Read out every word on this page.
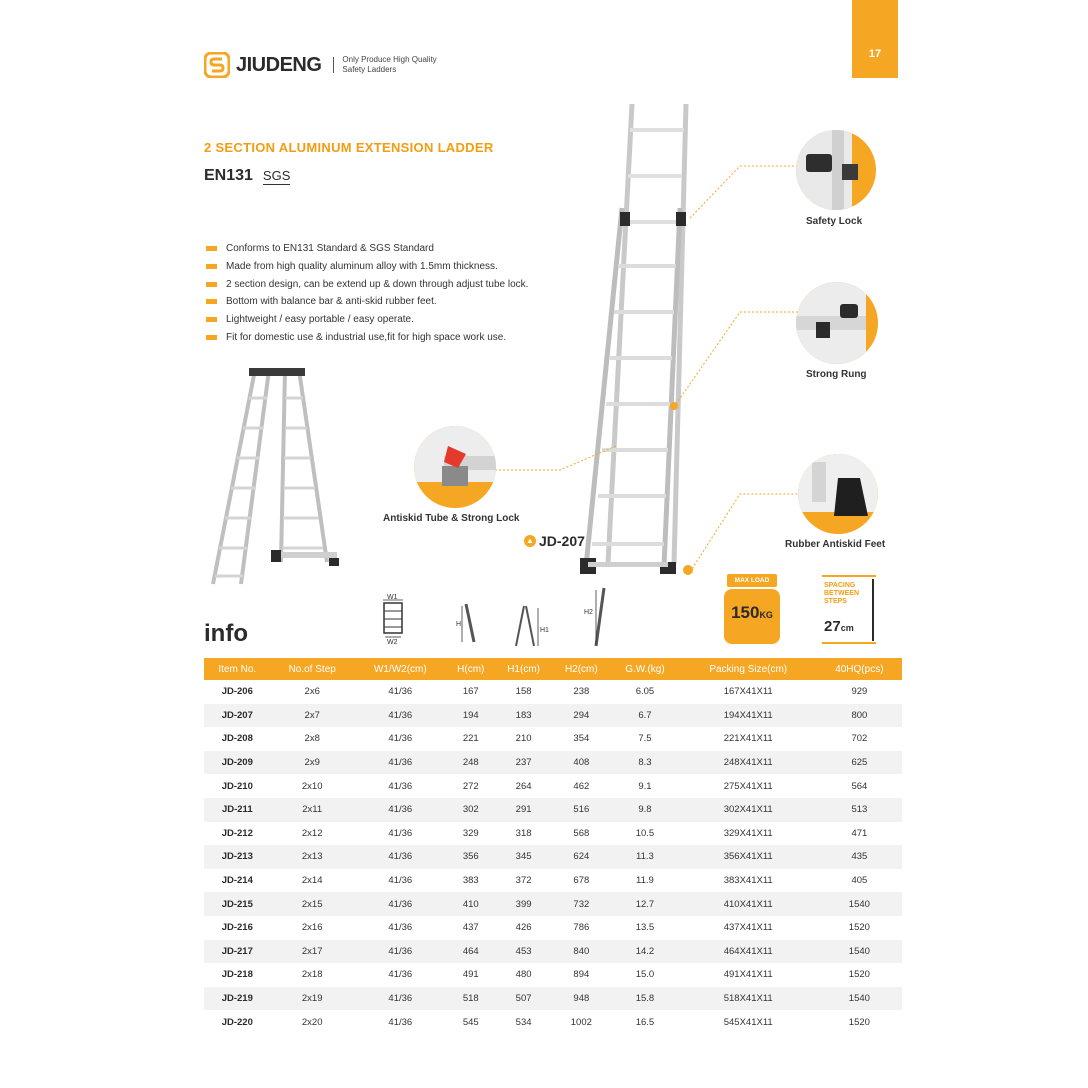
17
JIUDENG	Only Produce High Quality
Safety Ladders
2 SECTION ALUMINUM EXTENSION LADDER
EN131 SGS
Conforms to EN131 Standard & SGS Standard
Made from high quality aluminum alloy with 1.5mm thickness.
2 section design, can be extend up & down through adjust tube lock.
Bottom with balance bar & anti-skid rubber feet.
Lightweight / easy portable / easy operate.
Fit for domestic use & industrial use,fit for high space work use.
Safety Lock
Strong Rung
Antiskid Tube & Strong Lock
Rubber Antiskid Feet
▲ JD-207
MAX LOAD
150KG
SPACING
BETWEEN
STEPS
27cm
info
W1
W2
H
H1
H2
Item No.	No.of Step	W1/W2(cm)	H(cm)	H1(cm)	H2(cm)	G.W.(kg)	Packing Size(cm)	40HQ(pcs)
JD-206	2x6	41/36	167	158	238	6.05	167X41X11	929
JD-207	2x7	41/36	194	183	294	6.7	194X41X11	800
JD-208	2x8	41/36	221	210	354	7.5	221X41X11	702
JD-209	2x9	41/36	248	237	408	8.3	248X41X11	625
JD-210	2x10	41/36	272	264	462	9.1	275X41X11	564
JD-211	2x11	41/36	302	291	516	9.8	302X41X11	513
JD-212	2x12	41/36	329	318	568	10.5	329X41X11	471
JD-213	2x13	41/36	356	345	624	11.3	356X41X11	435
JD-214	2x14	41/36	383	372	678	11.9	383X41X11	405
JD-215	2x15	41/36	410	399	732	12.7	410X41X11	1540
JD-216	2x16	41/36	437	426	786	13.5	437X41X11	1520
JD-217	2x17	41/36	464	453	840	14.2	464X41X11	1540
JD-218	2x18	41/36	491	480	894	15.0	491X41X11	1520
JD-219	2x19	41/36	518	507	948	15.8	518X41X11	1540
JD-220	2x20	41/36	545	534	1002	16.5	545X41X11	1520
